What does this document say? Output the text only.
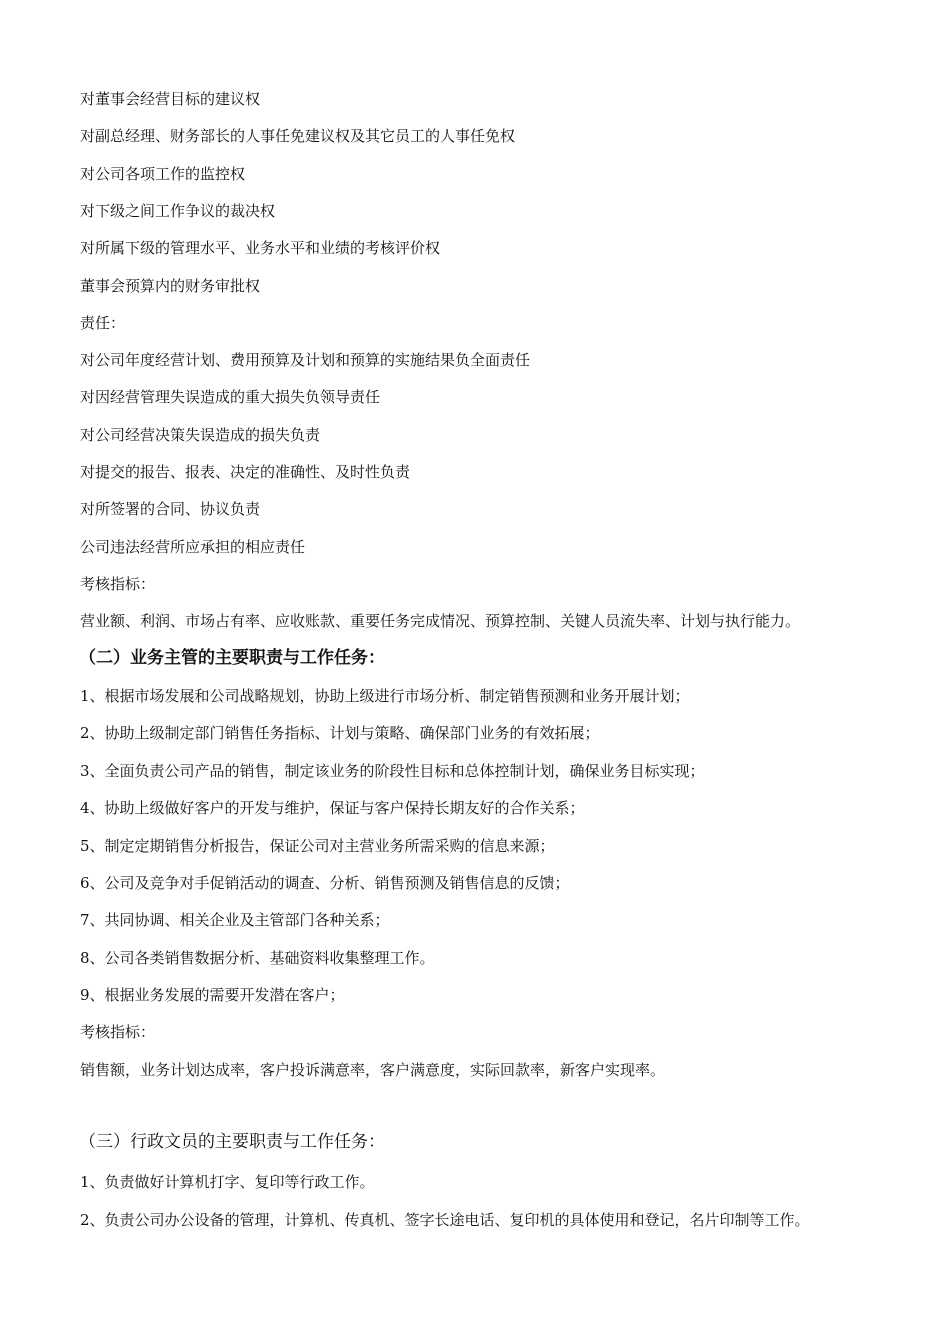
对董事会经营目标的建议权
对副总经理、财务部长的人事任免建议权及其它员工的人事任免权
对公司各项工作的监控权
对下级之间工作争议的裁决权
对所属下级的管理水平、业务水平和业绩的考核评价权
董事会预算内的财务审批权
责任：
对公司年度经营计划、费用预算及计划和预算的实施结果负全面责任
对因经营管理失误造成的重大损失负领导责任
对公司经营决策失误造成的损失负责
对提交的报告、报表、决定的准确性、及时性负责
对所签署的合同、协议负责
公司违法经营所应承担的相应责任
考核指标：
营业额、利润、市场占有率、应收账款、重要任务完成情况、预算控制、关键人员流失率、计划与执行能力。
（二）业务主管的主要职责与工作任务：
1、根据市场发展和公司战略规划，协助上级进行市场分析、制定销售预测和业务开展计划；
2、协助上级制定部门销售任务指标、计划与策略、确保部门业务的有效拓展；
3、全面负责公司产品的销售，制定该业务的阶段性目标和总体控制计划，确保业务目标实现；
4、协助上级做好客户的开发与维护，保证与客户保持长期友好的合作关系；
5、制定定期销售分析报告，保证公司对主营业务所需采购的信息来源；
6、公司及竞争对手促销活动的调查、分析、销售预测及销售信息的反馈；
7、共同协调、相关企业及主管部门各种关系；
8、公司各类销售数据分析、基础资料收集整理工作。
9、根据业务发展的需要开发潜在客户；
考核指标：
销售额，业务计划达成率，客户投诉满意率，客户满意度，实际回款率，新客户实现率。
（三）行政文员的主要职责与工作任务：
1、负责做好计算机打字、复印等行政工作。
2、负责公司办公设备的管理，计算机、传真机、签字长途电话、复印机的具体使用和登记，名片印制等工作。
